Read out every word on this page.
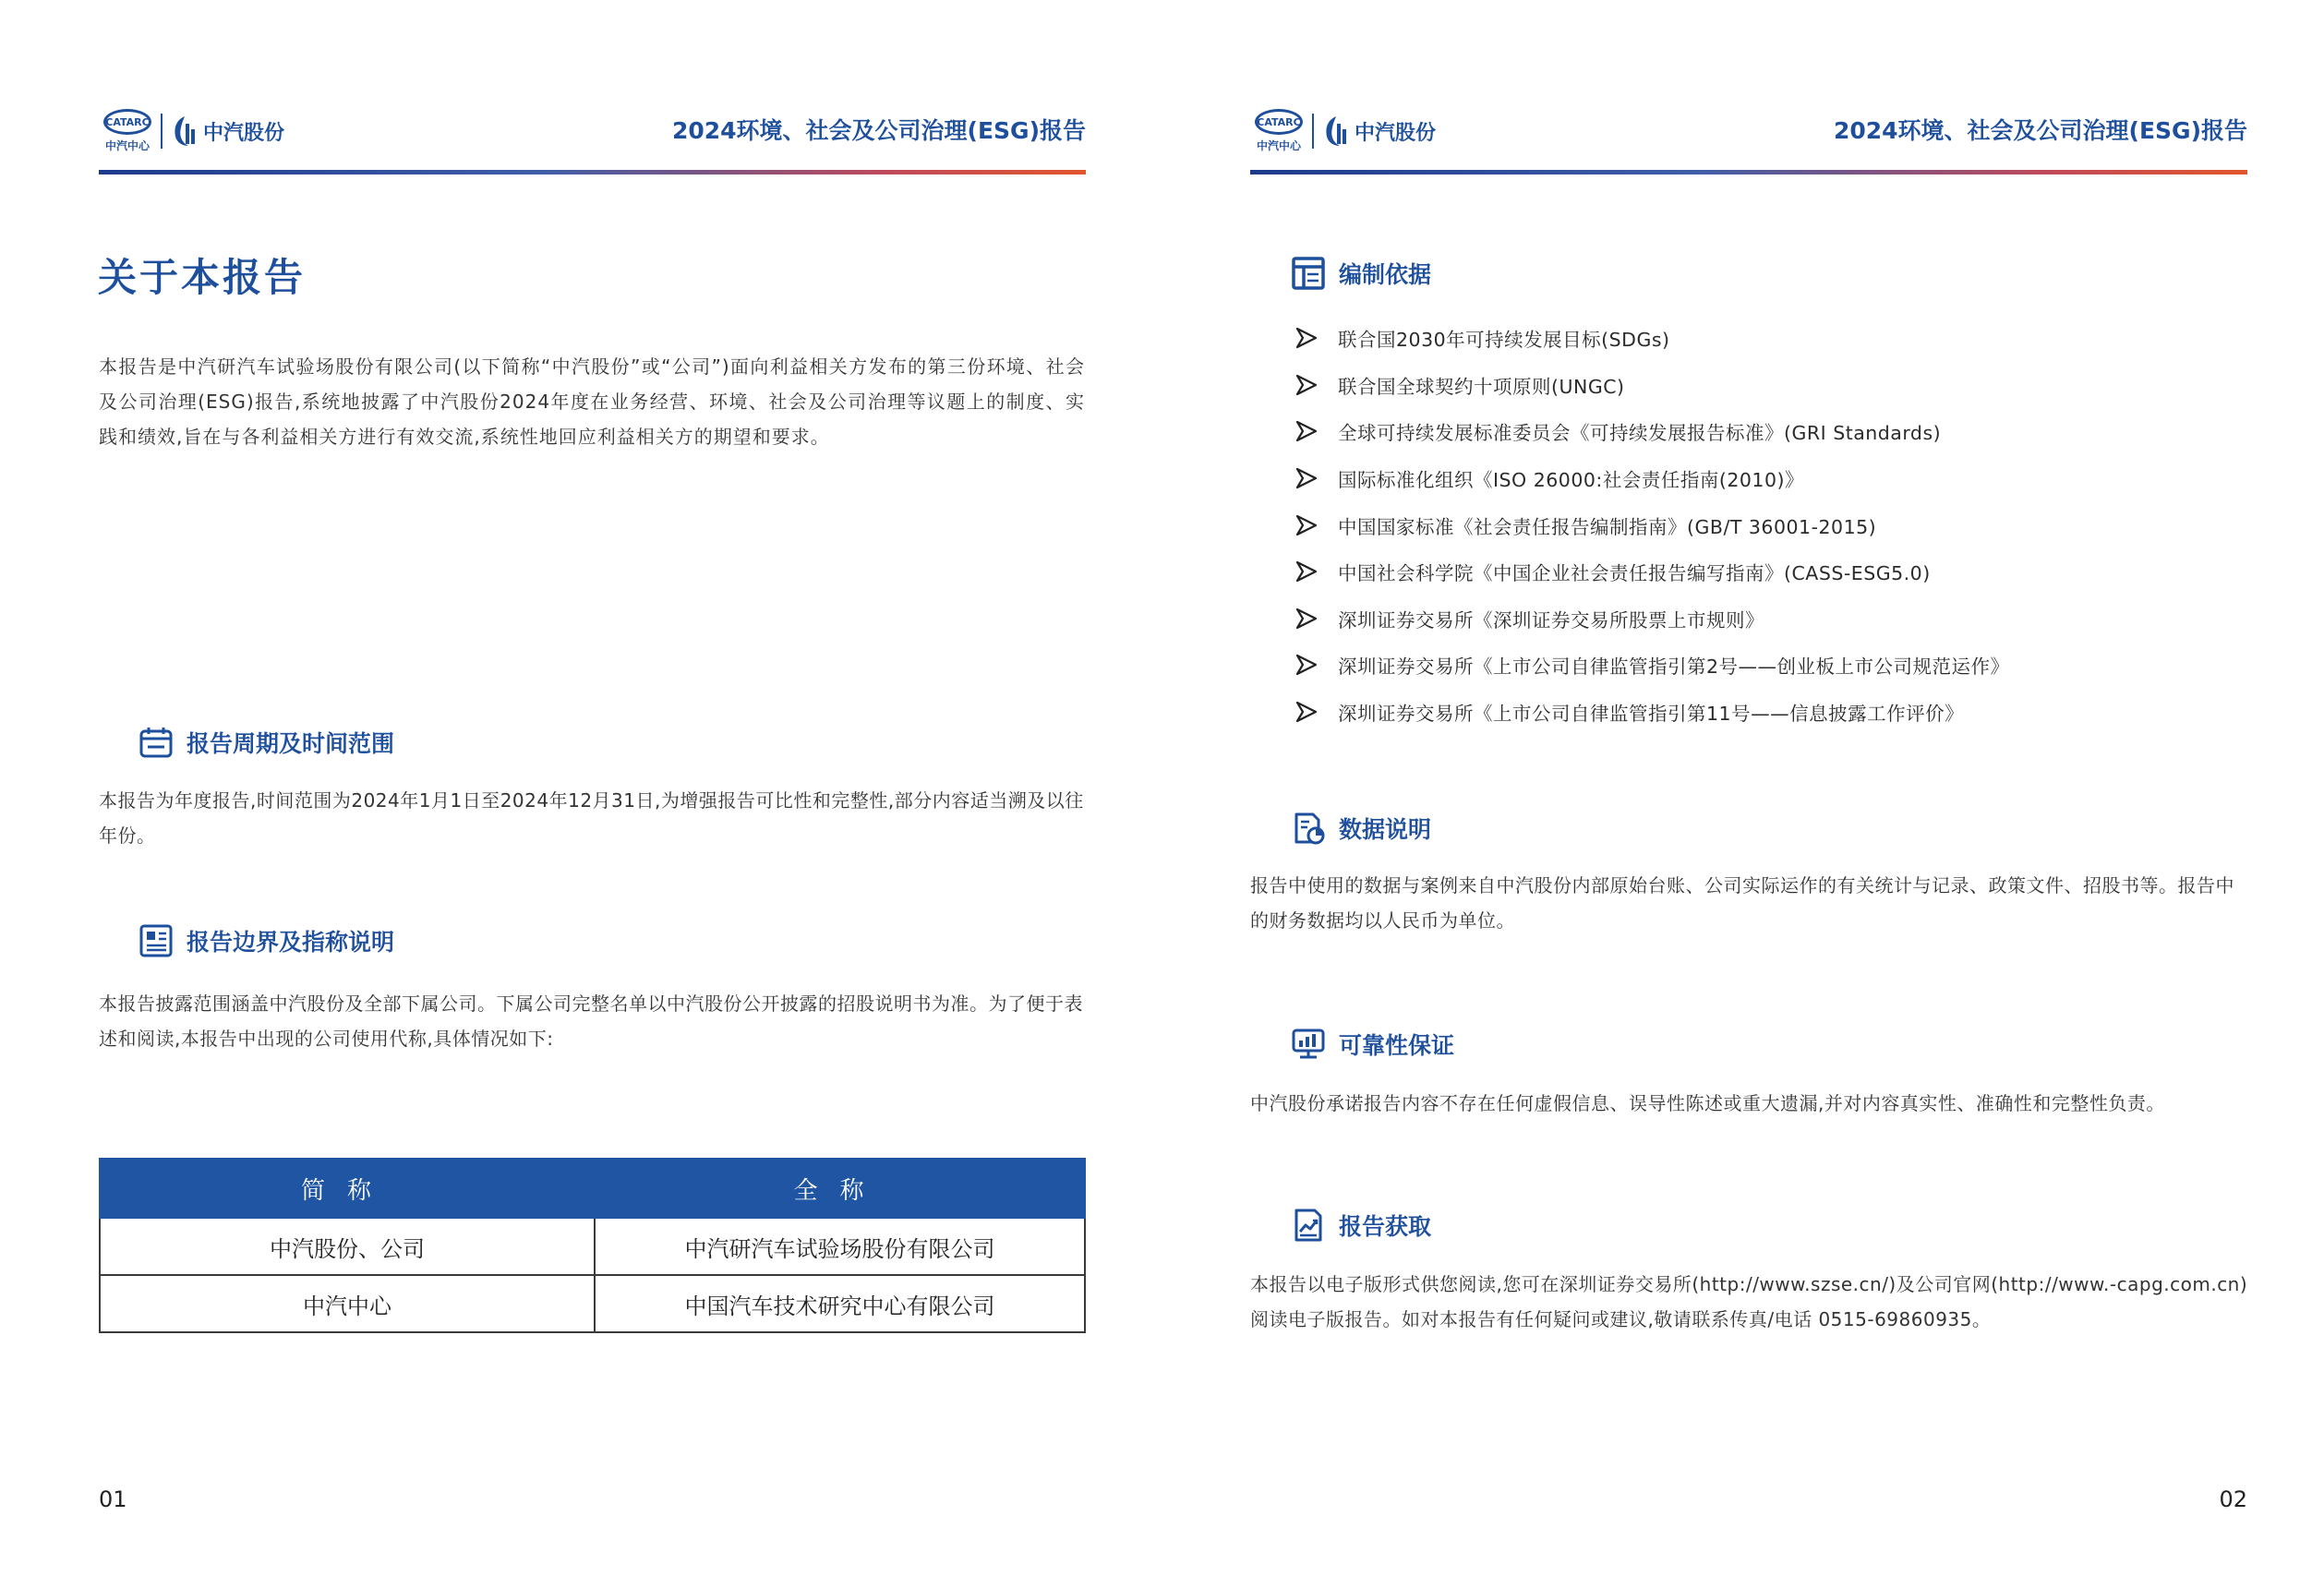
CATARC
中汽中心
中汽股份	2024环境、社会及公司治理(ESG)报告
关于本报告
本报告是中汽研汽车试验场股份有限公司(以下简称“中汽股份”或“公司”)面向利益相关方发布的第三份环境、社会及公司治理(ESG)报告,系统地披露了中汽股份2024年度在业务经营、环境、社会及公司治理等议题上的制度、实践和绩效,旨在与各利益相关方进行有效交流,系统性地回应利益相关方的期望和要求。
报告周期及时间范围
本报告为年度报告,时间范围为2024年1月1日至2024年12月31日,为增强报告可比性和完整性,部分内容适当溯及以往年份。
报告边界及指称说明
本报告披露范围涵盖中汽股份及全部下属公司。下属公司完整名单以中汽股份公开披露的招股说明书为准。为了便于表述和阅读,本报告中出现的公司使用代称,具体情况如下:
简称	全称
中汽股份、公司	中汽研汽车试验场股份有限公司
中汽中心	中国汽车技术研究中心有限公司
01
CATARC
中汽中心
中汽股份	2024环境、社会及公司治理(ESG)报告
编制依据
联合国2030年可持续发展目标(SDGs)
联合国全球契约十项原则(UNGC)
全球可持续发展标准委员会《可持续发展报告标准》(GRI Standards)
国际标准化组织《ISO 26000:社会责任指南(2010)》
中国国家标准《社会责任报告编制指南》(GB/T 36001-2015)
中国社会科学院《中国企业社会责任报告编写指南》(CASS-ESG5.0)
深圳证券交易所《深圳证券交易所股票上市规则》
深圳证券交易所《上市公司自律监管指引第2号——创业板上市公司规范运作》
深圳证券交易所《上市公司自律监管指引第11号——信息披露工作评价》
数据说明
报告中使用的数据与案例来自中汽股份内部原始台账、公司实际运作的有关统计与记录、政策文件、招股书等。报告中的财务数据均以人民币为单位。
可靠性保证
中汽股份承诺报告内容不存在任何虚假信息、误导性陈述或重大遗漏,并对内容真实性、准确性和完整性负责。
报告获取
本报告以电子版形式供您阅读,您可在深圳证券交易所(http://www.szse.cn/)及公司官网(http://www.-capg.com.cn)阅读电子版报告。如对本报告有任何疑问或建议,敬请联系传真/电话 0515-69860935。
02
